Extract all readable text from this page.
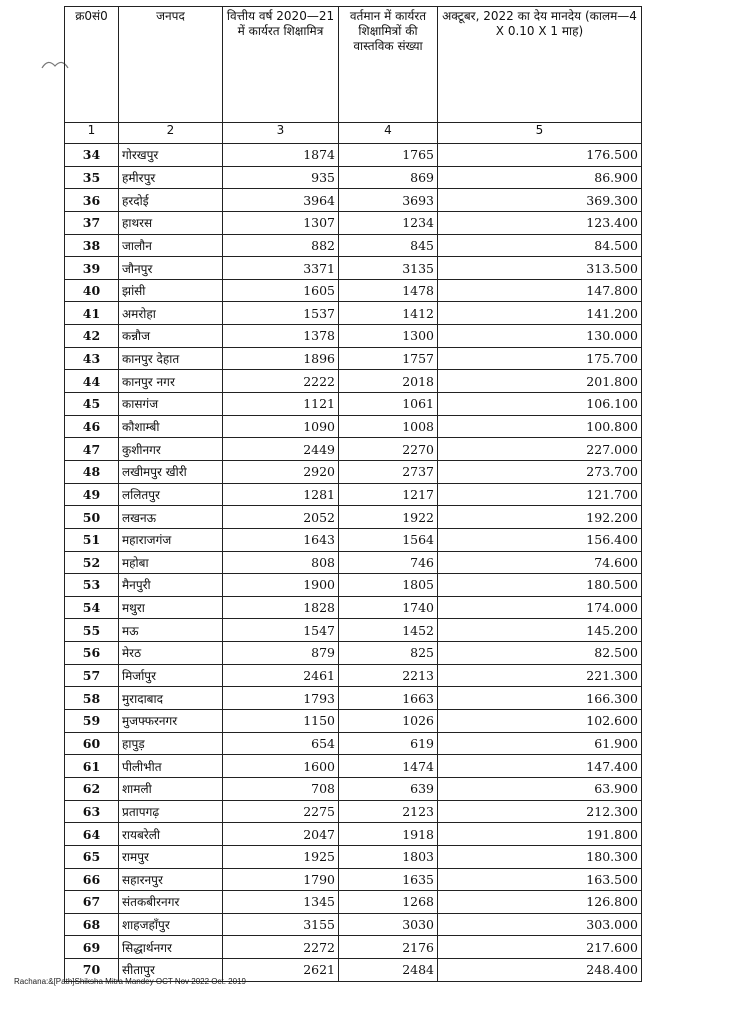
क्र0सं0	जनपद	वित्तीय वर्ष 2020—21 में कार्यरत शिक्षामित्र	वर्तमान में कार्यरत शिक्षामित्रों की वास्तविक संख्या	अक्टूबर, 2022 का देय मानदेय (कालम—4 X 0.10 X 1 माह)
1	2	3	4	5
34	गोरखपुर	1874	1765	176.500
35	हमीरपुर	935	869	86.900
36	हरदोई	3964	3693	369.300
37	हाथरस	1307	1234	123.400
38	जालौन	882	845	84.500
39	जौनपुर	3371	3135	313.500
40	झांसी	1605	1478	147.800
41	अमरोहा	1537	1412	141.200
42	कन्नौज	1378	1300	130.000
43	कानपुर देहात	1896	1757	175.700
44	कानपुर नगर	2222	2018	201.800
45	कासगंज	1121	1061	106.100
46	कौशाम्बी	1090	1008	100.800
47	कुशीनगर	2449	2270	227.000
48	लखीमपुर खीरी	2920	2737	273.700
49	ललितपुर	1281	1217	121.700
50	लखनऊ	2052	1922	192.200
51	महाराजगंज	1643	1564	156.400
52	महोबा	808	746	74.600
53	मैनपुरी	1900	1805	180.500
54	मथुरा	1828	1740	174.000
55	मऊ	1547	1452	145.200
56	मेरठ	879	825	82.500
57	मिर्जापुर	2461	2213	221.300
58	मुरादाबाद	1793	1663	166.300
59	मुजफ्फरनगर	1150	1026	102.600
60	हापुड़	654	619	61.900
61	पीलीभीत	1600	1474	147.400
62	शामली	708	639	63.900
63	प्रतापगढ़	2275	2123	212.300
64	रायबरेली	2047	1918	191.800
65	रामपुर	1925	1803	180.300
66	सहारनपुर	1790	1635	163.500
67	संतकबीरनगर	1345	1268	126.800
68	शाहजहाँपुर	3155	3030	303.000
69	सिद्धार्थनगर	2272	2176	217.600
70	सीतापुर	2621	2484	248.400
Rachana:&[Path]Shiksha Mitra Mandey OCT Nov 2022 Oct. 2019
